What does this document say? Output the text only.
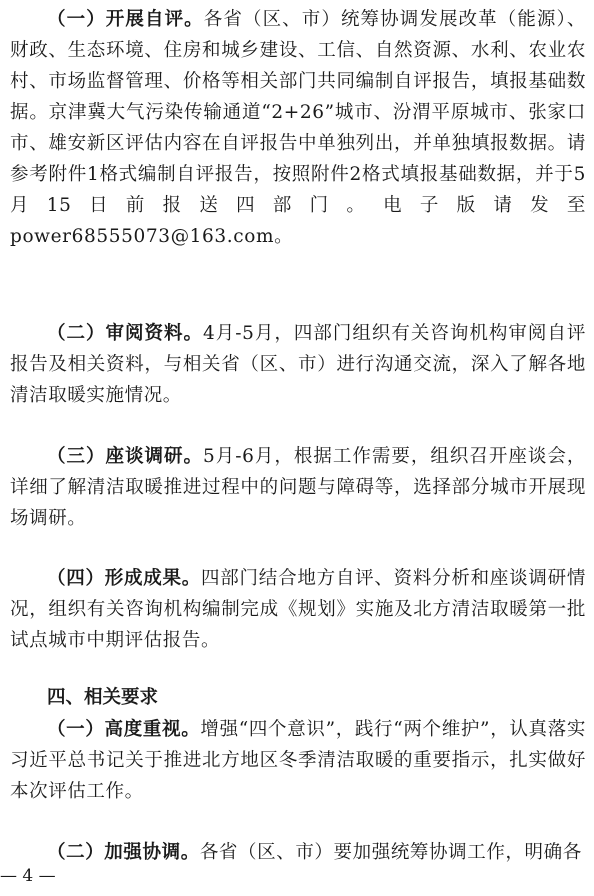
（一）开展自评。各省（区、市）统筹协调发展改革（能源）、财政、生态环境、住房和城乡建设、工信、自然资源、水利、农业农村、市场监督管理、价格等相关部门共同编制自评报告，填报基础数据。京津冀大气污染传输通道“2+26”城市、汾渭平原城市、张家口市、雄安新区评估内容在自评报告中单独列出，并单独填报数据。请参考附件1格式编制自评报告，按照附件2格式填报基础数据，并于5月15日前报送四部门。电子版请发至power68555073@163.com。

（二）审阅资料。4月-5月，四部门组织有关咨询机构审阅自评报告及相关资料，与相关省（区、市）进行沟通交流，深入了解各地清洁取暖实施情况。

（三）座谈调研。5月-6月，根据工作需要，组织召开座谈会，详细了解清洁取暖推进过程中的问题与障碍等，选择部分城市开展现场调研。

（四）形成成果。四部门结合地方自评、资料分析和座谈调研情况，组织有关咨询机构编制完成《规划》实施及北方清洁取暖第一批试点城市中期评估报告。

四、相关要求

（一）高度重视。增强“四个意识”，践行“两个维护”，认真落实习近平总书记关于推进北方地区冬季清洁取暖的重要指示，扎实做好本次评估工作。

（二）加强协调。各省（区、市）要加强统筹协调工作，明确各

— 4 —
